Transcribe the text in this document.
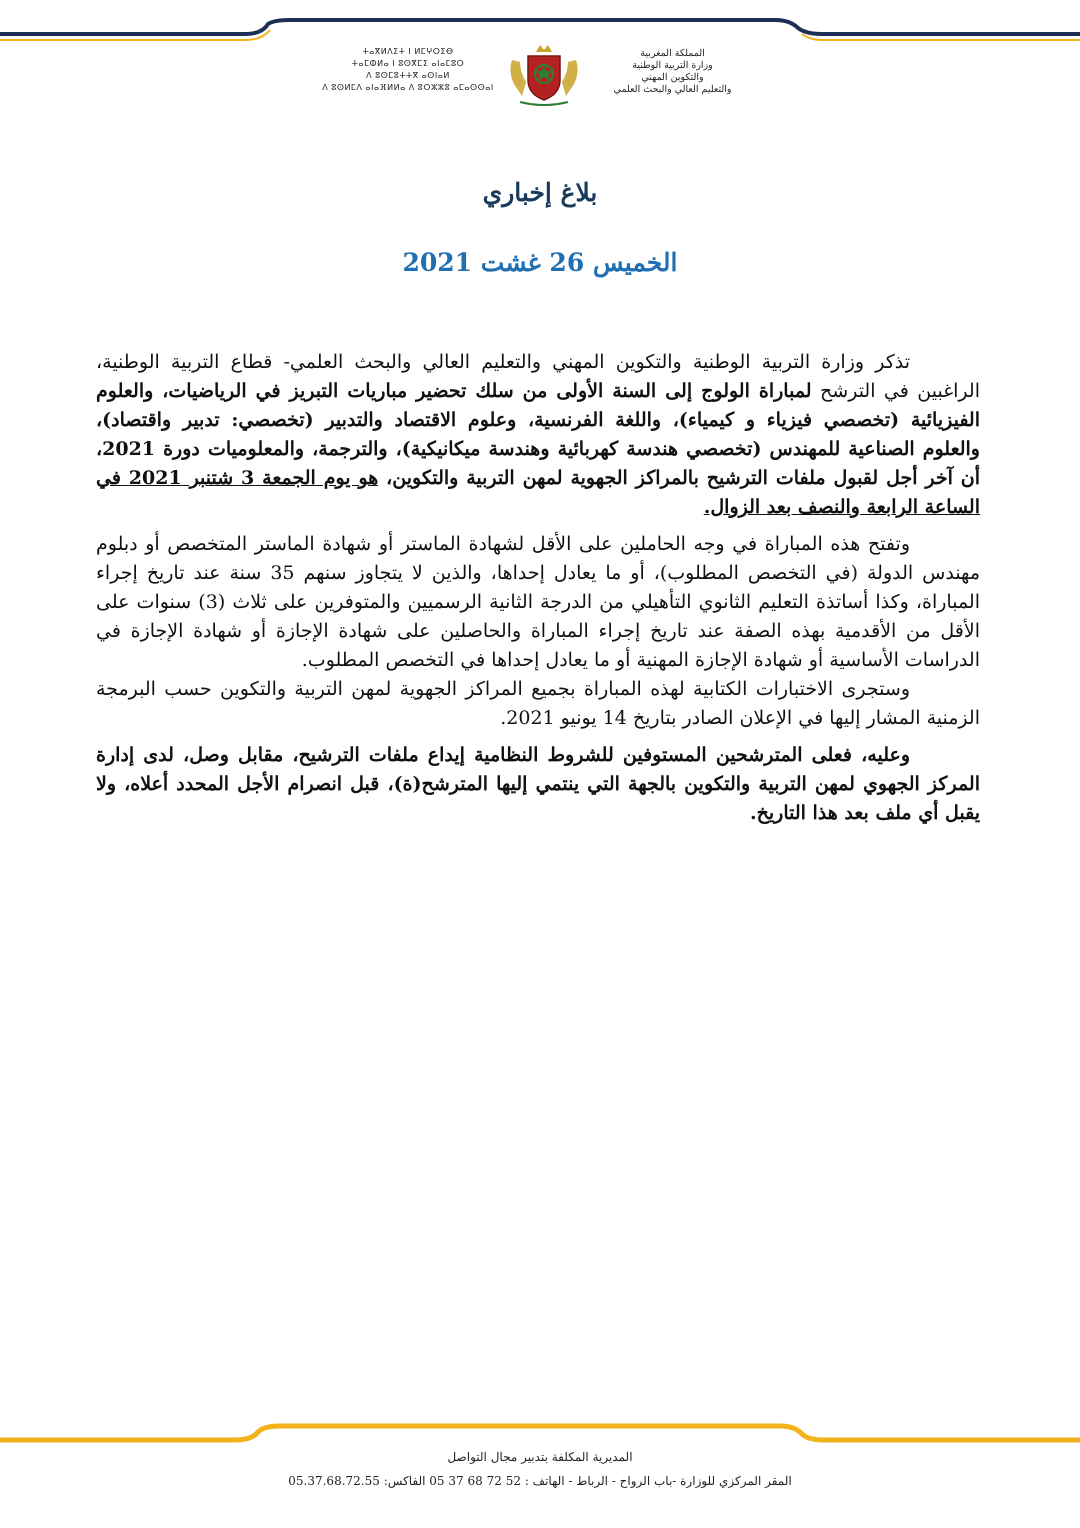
ⵜⴰⴳⵍⴷⵉⵜ ⵏ ⵍⵎⵖⵔⵉⴱ
ⵜⴰⵎⵀⵍⴰ ⵏ ⵓⵙⴳⵎⵉ ⴰⵏⴰⵎⵓⵔ
ⴷ ⵓⵙⵎⵓⵜⵜⴳ ⴰⵙⵏⴰⵍ
ⴷ ⵓⵙⵍⵎⴷ ⴰⵏⴰⴼⵍⵍⴰ ⴷ ⵓⵔⵣⵣⵓ ⴰⵎⴰⵙⵙⴰⵏ
المملكة المغربية
وزارة التربية الوطنية
والتكوين المهني
والتعليم العالي والبحث العلمي
بلاغ إخباري
الخميس 26 غشت 2021

تذكر وزارة التربية الوطنية والتكوين المهني والتعليم العالي والبحث العلمي- قطاع التربية الوطنية، الراغبين في الترشح لمباراة الولوج إلى السنة الأولى من سلك تحضير مباريات التبريز في الرياضيات، والعلوم الفيزيائية (تخصصي فيزياء و كيمياء)، واللغة الفرنسية، وعلوم الاقتصاد والتدبير (تخصصي: تدبير واقتصاد)، والعلوم الصناعية للمهندس (تخصصي هندسة كهربائية وهندسة ميكانيكية)، والترجمة، والمعلوميات دورة 2021، أن آخر أجل لقبول ملفات الترشيح بالمراكز الجهوية لمهن التربية والتكوين، هو يوم الجمعة 3 شتنبر 2021 في الساعة الرابعة والنصف بعد الزوال.

وتفتح هذه المباراة في وجه الحاملين على الأقل لشهادة الماستر أو شهادة الماستر المتخصص أو دبلوم مهندس الدولة (في التخصص المطلوب)، أو ما يعادل إحداها، والذين لا يتجاوز سنهم 35 سنة عند تاريخ إجراء المباراة، وكذا أساتذة التعليم الثانوي التأهيلي من الدرجة الثانية الرسميين والمتوفرين على ثلاث (3) سنوات على الأقل من الأقدمية بهذه الصفة عند تاريخ إجراء المباراة والحاصلين على شهادة الإجازة أو شهادة الإجازة في الدراسات الأساسية أو شهادة الإجازة المهنية أو ما يعادل إحداها في التخصص المطلوب.

وستجرى الاختبارات الكتابية لهذه المباراة بجميع المراكز الجهوية لمهن التربية والتكوين حسب البرمجة الزمنية المشار إليها في الإعلان الصادر بتاريخ 14 يونيو 2021.

وعليه، فعلى المترشحين المستوفين للشروط النظامية إيداع ملفات الترشيح، مقابل وصل، لدى إدارة المركز الجهوي لمهن التربية والتكوين بالجهة التي ينتمي إليها المترشح(ة)، قبل انصرام الأجل المحدد أعلاه، ولا يقبل أي ملف بعد هذا التاريخ.

المديرية المكلفة بتدبير مجال التواصل
المقر المركزي للوزارة -باب الرواح - الرباط - الهاتف : 52 72 68 37 05 الفاكس: 05.37.68.72.55
